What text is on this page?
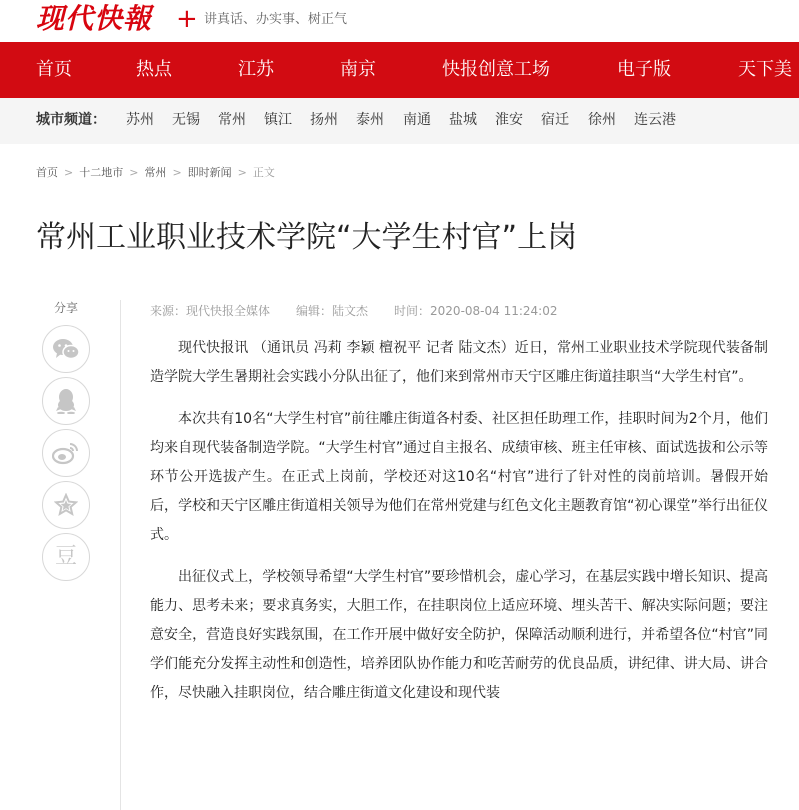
现代快報 + 讲真话、办实事、树正气
首页	热点	江苏	南京	快报创意工场	电子版	天下美
城市频道： 苏州 无锡 常州 镇江 扬州 泰州 南通 盐城 淮安 宿迁 徐州 连云港
首页 > 十二地市 > 常州 > 即时新闻 > 正文
常州工业职业技术学院“大学生村官”上岗
分享
豆
来源：现代快报全媒体 编辑：陆文杰 时间：2020-08-04 11:24:02

现代快报讯 （通讯员 冯莉 李颖 檀祝平 记者 陆文杰）近日，常州工业职业技术学院现代装备制造学院大学生暑期社会实践小分队出征了，他们来到常州市天宁区雕庄街道挂职当“大学生村官”。

本次共有10名“大学生村官”前往雕庄街道各村委、社区担任助理工作，挂职时间为2个月，他们均来自现代装备制造学院。“大学生村官”通过自主报名、成绩审核、班主任审核、面试选拔和公示等环节公开选拔产生。在正式上岗前，学校还对这10名“村官”进行了针对性的岗前培训。暑假开始后，学校和天宁区雕庄街道相关领导为他们在常州党建与红色文化主题教育馆“初心课堂”举行出征仪式。

出征仪式上，学校领导希望“大学生村官”要珍惜机会，虚心学习，在基层实践中增长知识、提高能力、思考未来；要求真务实，大胆工作，在挂职岗位上适应环境、埋头苦干、解决实际问题；要注意安全，营造良好实践氛围，在工作开展中做好安全防护，保障活动顺利进行，并希望各位“村官”同学们能充分发挥主动性和创造性，培养团队协作能力和吃苦耐劳的优良品质，讲纪律、讲大局、讲合作，尽快融入挂职岗位，结合雕庄街道文化建设和现代装
